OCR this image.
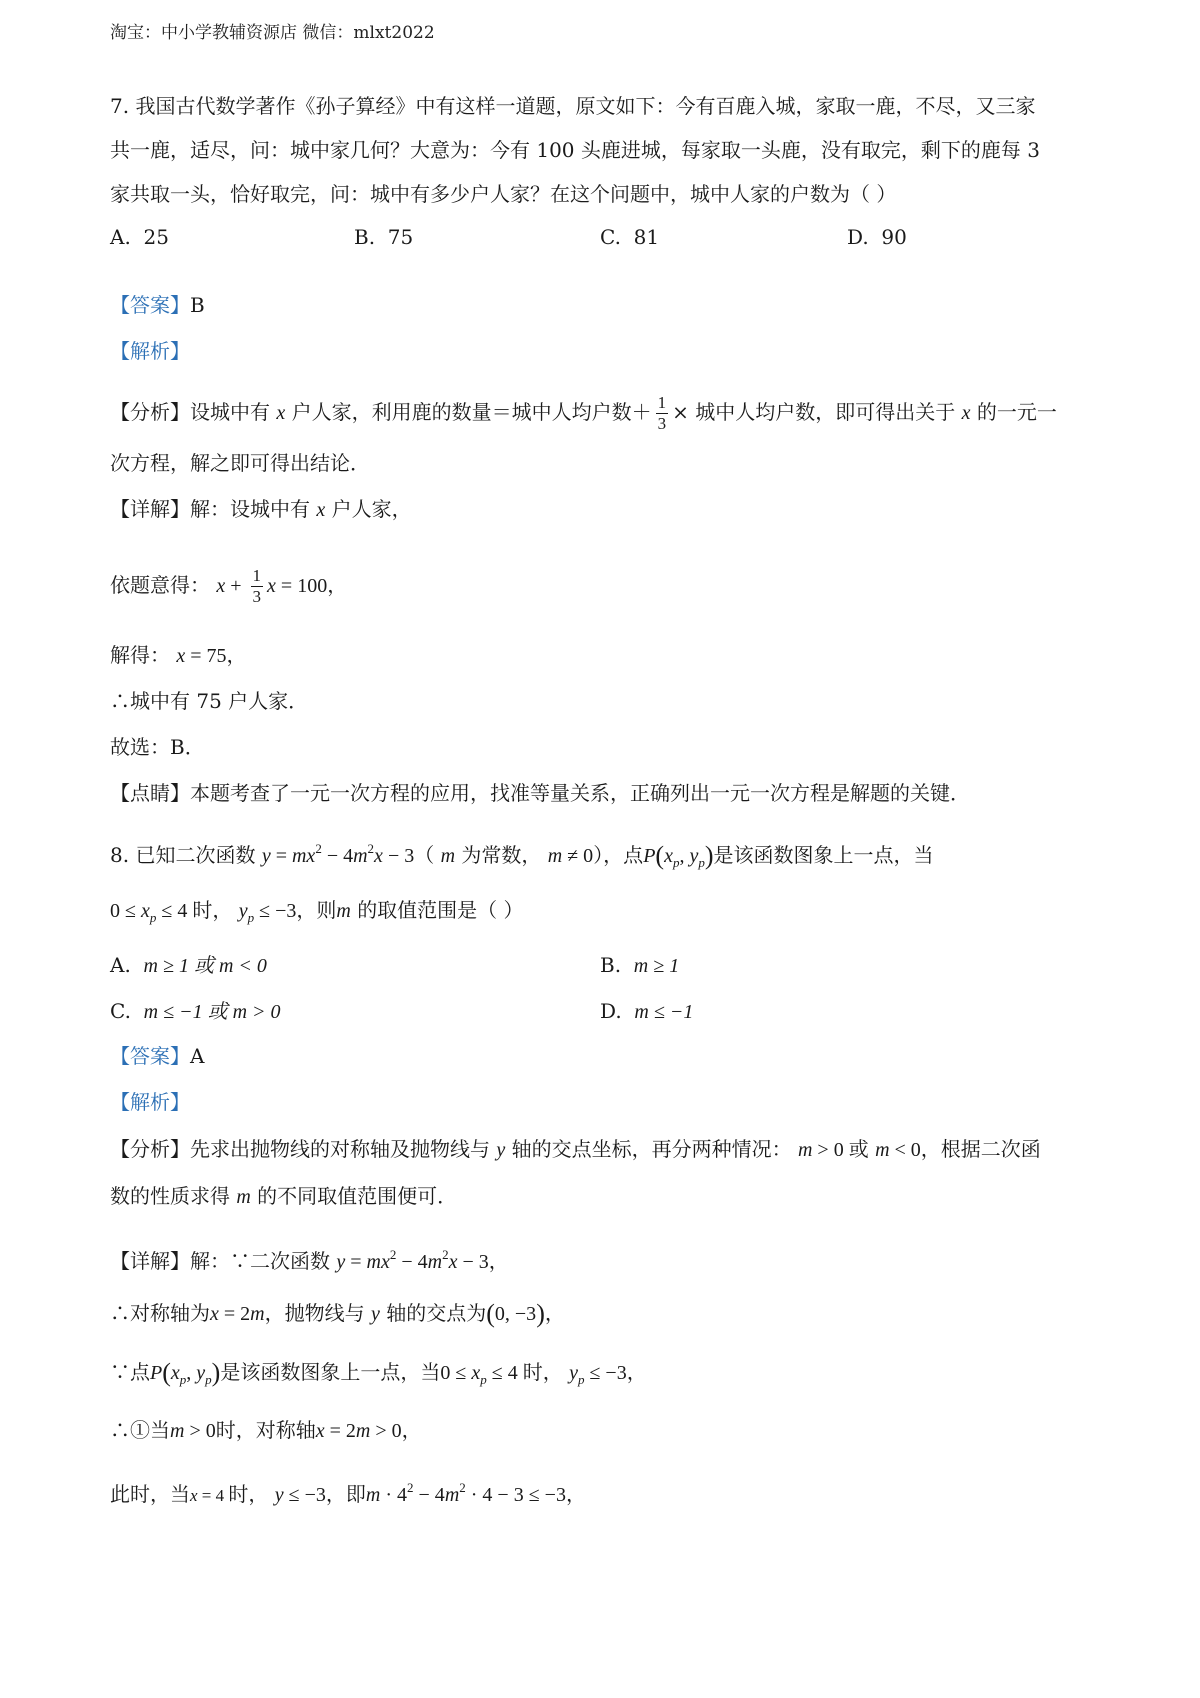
淘宝：中小学教辅资源店 微信：mlxt2022
7. 我国古代数学著作《孙子算经》中有这样一道题，原文如下：今有百鹿入城，家取一鹿，不尽，又三家
共一鹿，适尽，问：城中家几何？大意为：今有 100 头鹿进城，每家取一头鹿，没有取完，剩下的鹿每 3
家共取一头，恰好取完，问：城中有多少户人家？在这个问题中，城中人家的户数为（ ）
A. 25	B. 75	C. 81	D. 90
【答案】B
【解析】
【分析】设城中有 x 户人家，利用鹿的数量＝城中人均户数＋ $\frac{1}{3}$ × 城中人均户数，即可得出关于 x 的一元一
次方程，解之即可得出结论．
【详解】解：设城中有 x 户人家，
依题意得： $x + \frac{1}{3}$ x = 100，
解得： x = 75，
∴城中有 75 户人家．
故选：B．
【点睛】本题考查了一元一次方程的应用，找准等量关系，正确列出一元一次方程是解题的关键．
8. 已知二次函数 $y = mx^2 - 4m^2x - 3$（ m 为常数， m ≠ 0），点$P(x_p$, $y_p$)是该函数图象上一点，当
$0 \le x_p \le 4$ 时， $y_p \le -3$，则m 的取值范围是（ ）
A. m ≥ 1 或 m < 0	B. m ≥ 1
C. m ≤ −1 或 m > 0	D. m ≤ −1
【答案】A
【解析】
【分析】先求出抛物线的对称轴及抛物线与 y 轴的交点坐标，再分两种情况： m > 0 或 m < 0，根据二次函
数的性质求得 m 的不同取值范围便可．
【详解】解：∵二次函数 $y = mx^2 - 4m^2x - 3$，
∴对称轴为x = 2m，抛物线与 y 轴的交点为(0, −3)，
∵点$P(x_p$, $y_p$)是该函数图象上一点，当$0 \le x_p \le 4$ 时， $y_p \le -3$，
∴①当m > 0时，对称轴x = 2m > 0，
此时，当x = 4 时， y ≤ −3，即$m \cdot 4^2 - 4m^2 \cdot 4 - 3 \le -3$，
